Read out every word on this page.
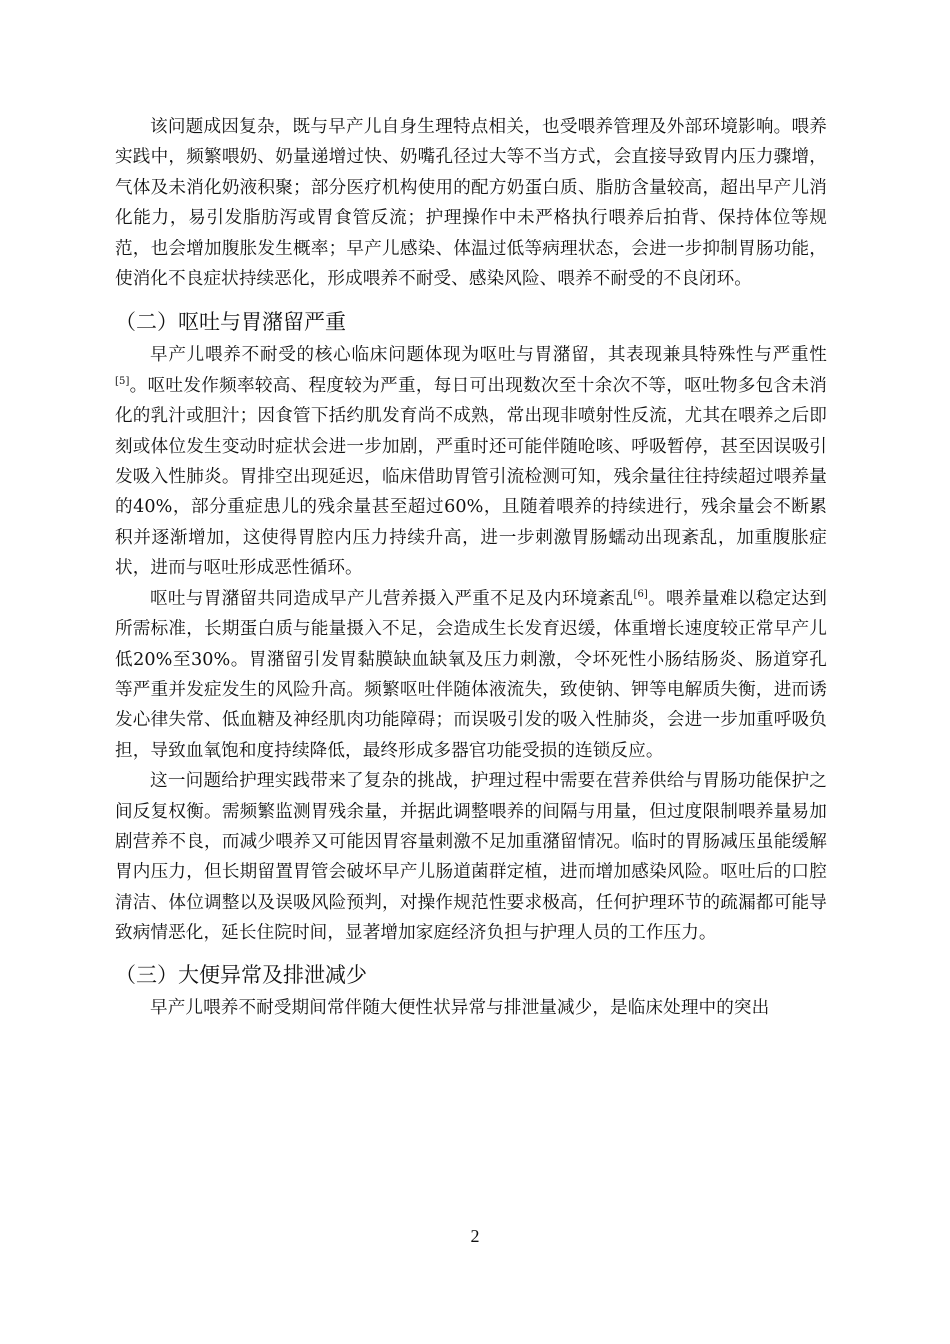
该问题成因复杂，既与早产儿自身生理特点相关，也受喂养管理及外部环境影响。喂养实践中，频繁喂奶、奶量递增过快、奶嘴孔径过大等不当方式，会直接导致胃内压力骤增，气体及未消化奶液积聚；部分医疗机构使用的配方奶蛋白质、脂肪含量较高，超出早产儿消化能力，易引发脂肪泻或胃食管反流；护理操作中未严格执行喂养后拍背、保持体位等规范，也会增加腹胀发生概率；早产儿感染、体温过低等病理状态，会进一步抑制胃肠功能，使消化不良症状持续恶化，形成喂养不耐受、感染风险、喂养不耐受的不良闭环。

（二）呕吐与胃潴留严重

早产儿喂养不耐受的核心临床问题体现为呕吐与胃潴留，其表现兼具特殊性与严重性[5]。呕吐发作频率较高、程度较为严重，每日可出现数次至十余次不等，呕吐物多包含未消化的乳汁或胆汁；因食管下括约肌发育尚不成熟，常出现非喷射性反流，尤其在喂养之后即刻或体位发生变动时症状会进一步加剧，严重时还可能伴随呛咳、呼吸暂停，甚至因误吸引发吸入性肺炎。胃排空出现延迟，临床借助胃管引流检测可知，残余量往往持续超过喂养量的40%，部分重症患儿的残余量甚至超过60%，且随着喂养的持续进行，残余量会不断累积并逐渐增加，这使得胃腔内压力持续升高，进一步刺激胃肠蠕动出现紊乱，加重腹胀症状，进而与呕吐形成恶性循环。

呕吐与胃潴留共同造成早产儿营养摄入严重不足及内环境紊乱[6]。喂养量难以稳定达到所需标准，长期蛋白质与能量摄入不足，会造成生长发育迟缓，体重增长速度较正常早产儿低20%至30%。胃潴留引发胃黏膜缺血缺氧及压力刺激，令坏死性小肠结肠炎、肠道穿孔等严重并发症发生的风险升高。频繁呕吐伴随体液流失，致使钠、钾等电解质失衡，进而诱发心律失常、低血糖及神经肌肉功能障碍；而误吸引发的吸入性肺炎，会进一步加重呼吸负担，导致血氧饱和度持续降低，最终形成多器官功能受损的连锁反应。

这一问题给护理实践带来了复杂的挑战，护理过程中需要在营养供给与胃肠功能保护之间反复权衡。需频繁监测胃残余量，并据此调整喂养的间隔与用量，但过度限制喂养量易加剧营养不良，而减少喂养又可能因胃容量刺激不足加重潴留情况。临时的胃肠减压虽能缓解胃内压力，但长期留置胃管会破坏早产儿肠道菌群定植，进而增加感染风险。呕吐后的口腔清洁、体位调整以及误吸风险预判，对操作规范性要求极高，任何护理环节的疏漏都可能导致病情恶化，延长住院时间，显著增加家庭经济负担与护理人员的工作压力。

（三）大便异常及排泄减少

早产儿喂养不耐受期间常伴随大便性状异常与排泄量减少，是临床处理中的突出

2
